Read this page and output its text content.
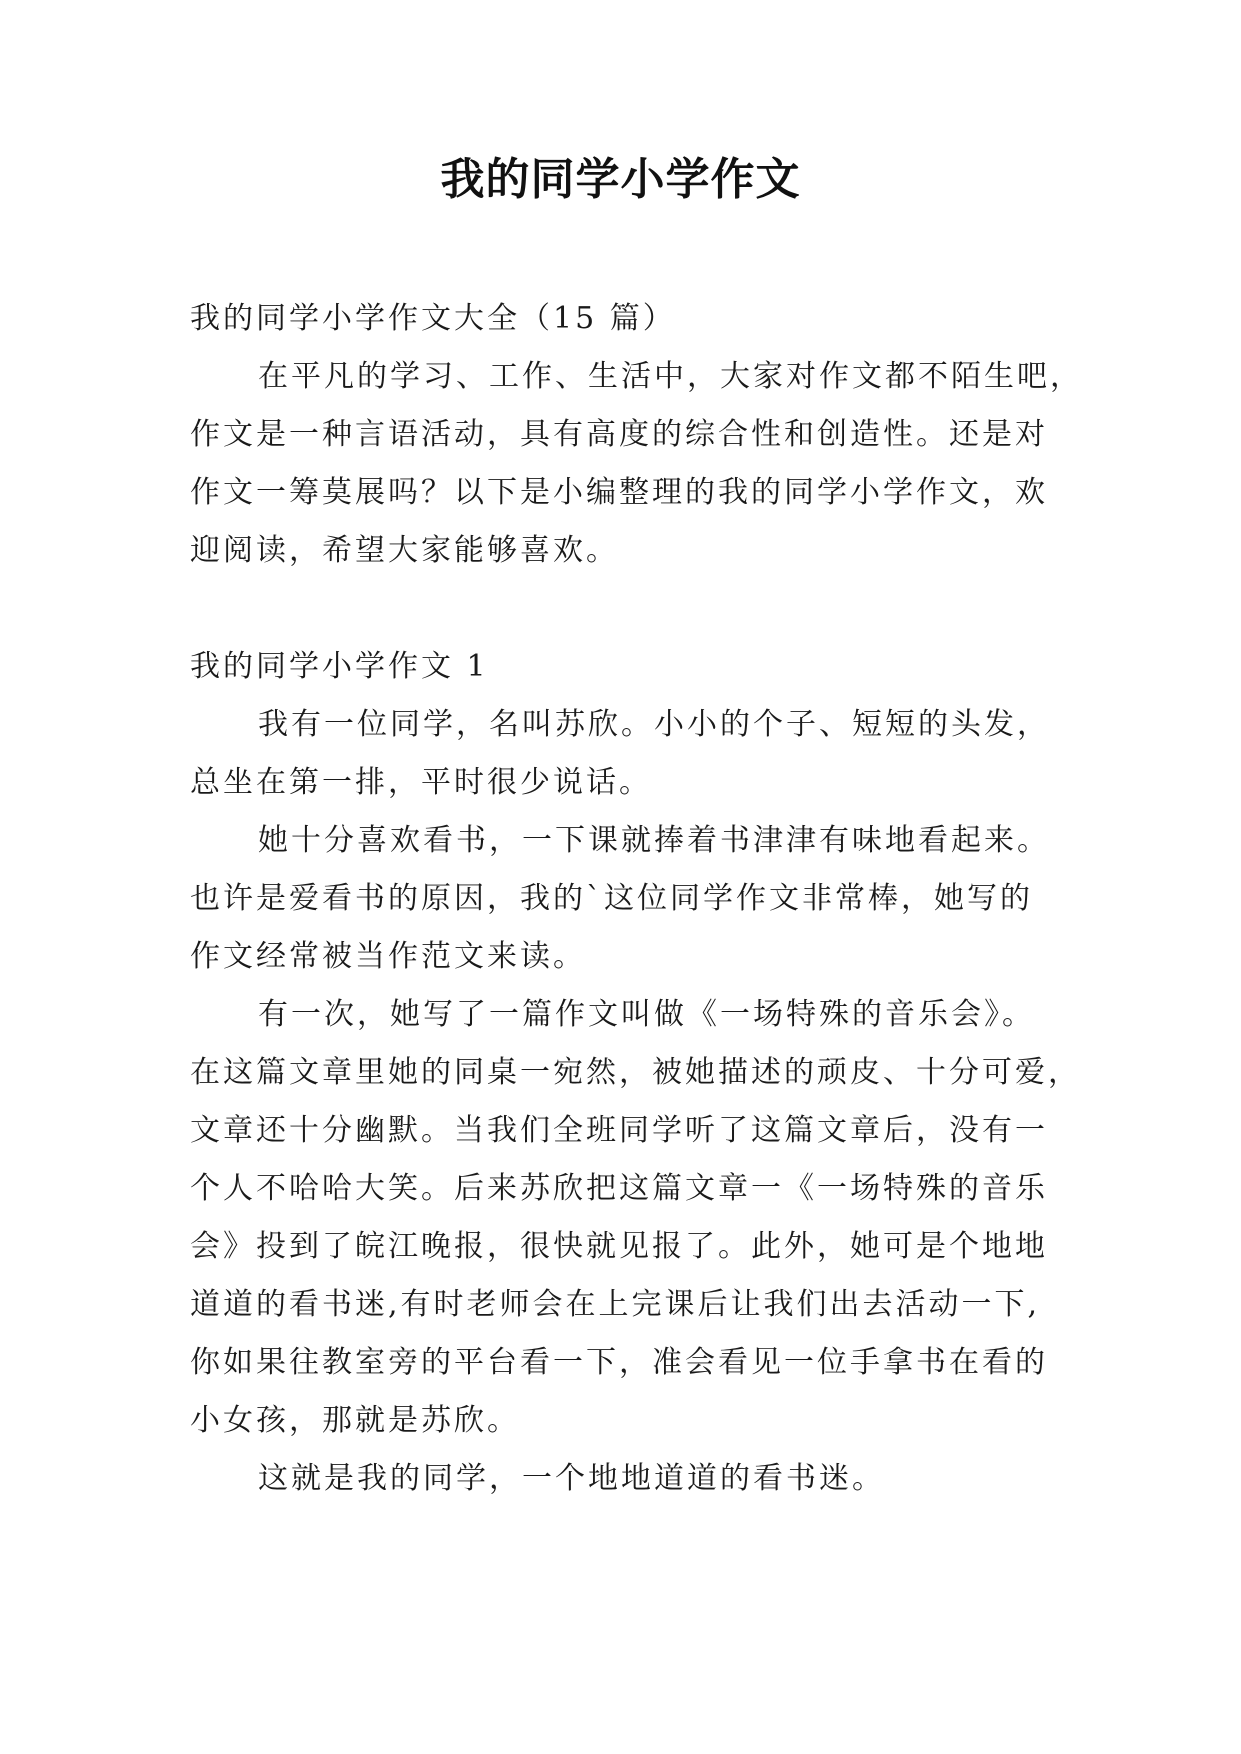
我的同学小学作文

我的同学小学作文大全（15 篇）

在平凡的学习、工作、生活中，大家对作文都不陌生吧，

作文是一种言语活动，具有高度的综合性和创造性。还是对

作文一筹莫展吗？以下是小编整理的我的同学小学作文，欢

迎阅读，希望大家能够喜欢。

我的同学小学作文 1

我有一位同学，名叫苏欣。小小的个子、短短的头发，

总坐在第一排，平时很少说话。

她十分喜欢看书，一下课就捧着书津津有味地看起来。

也许是爱看书的原因，我的`这位同学作文非常棒，她写的

作文经常被当作范文来读。

有一次，她写了一篇作文叫做《一场特殊的音乐会》。

在这篇文章里她的同桌一宛然，被她描述的顽皮、十分可爱，

文章还十分幽默。当我们全班同学听了这篇文章后，没有一

个人不哈哈大笑。后来苏欣把这篇文章一《一场特殊的音乐

会》投到了皖江晚报，很快就见报了。此外，她可是个地地

道道的看书迷,有时老师会在上完课后让我们出去活动一下,

你如果往教室旁的平台看一下，准会看见一位手拿书在看的

小女孩，那就是苏欣。

这就是我的同学，一个地地道道的看书迷。
